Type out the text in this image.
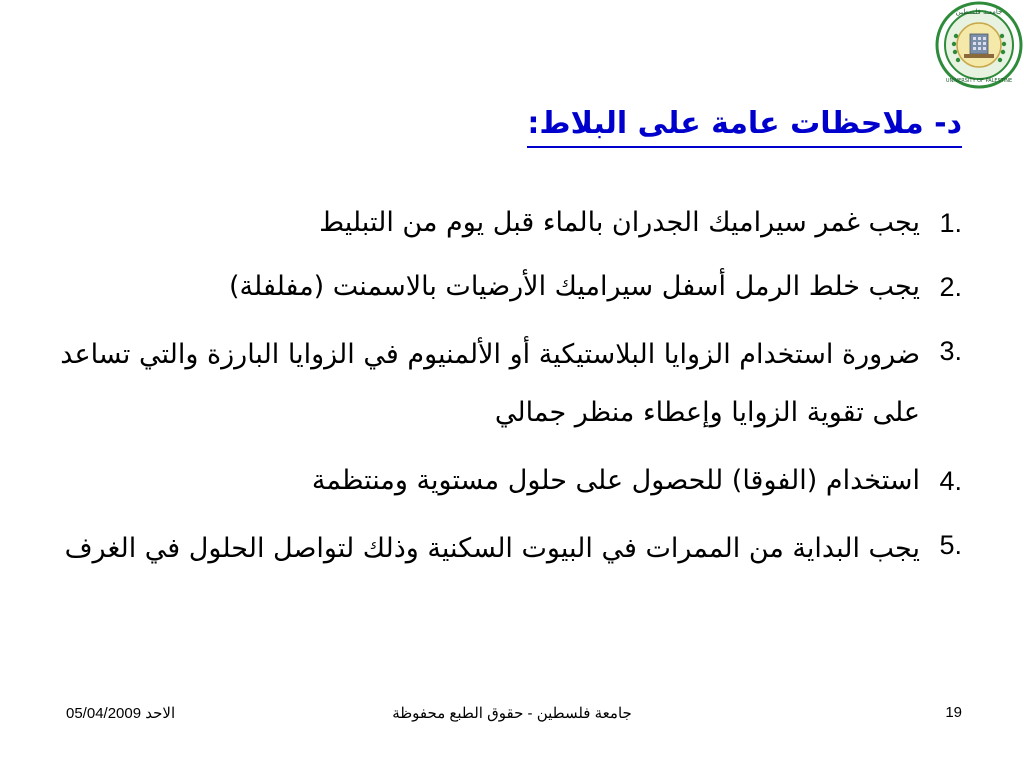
جامعـة فلسطين
UNIVERSITY OF PALESTINE
د- ملاحظات عامة على البلاط:
1.
يجب غمر سيراميك الجدران بالماء قبل يوم من التبليط
2.
يجب خلط الرمل أسفل سيراميك الأرضيات بالاسمنت (مفلفلة)
3.
ضرورة استخدام الزوايا البلاستيكية أو الألمنيوم في الزوايا البارزة والتي تساعد على تقوية الزوايا وإعطاء منظر جمالي
4.
استخدام (الفوقا) للحصول على حلول مستوية ومنتظمة
5.
يجب البداية من الممرات في البيوت السكنية وذلك لتواصل الحلول في الغرف
الاحد 05/04/2009	جامعة فلسطين - حقوق الطبع محفوظة	19
